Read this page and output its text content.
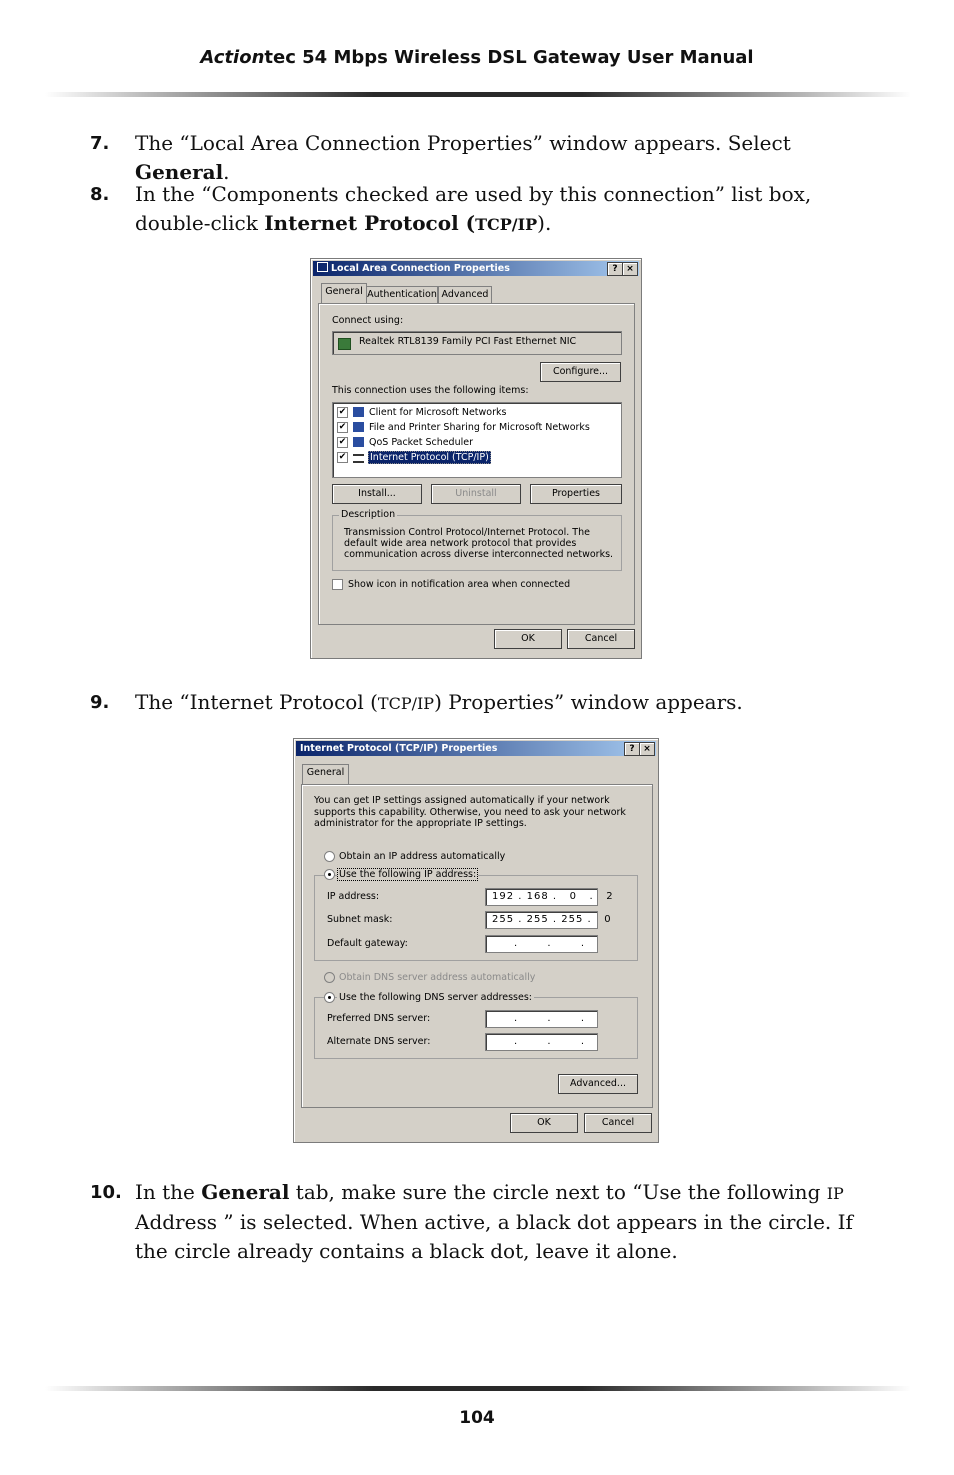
Actiontec 54 Mbps Wireless DSL Gateway User Manual
7. The “Local Area Connection Properties” window appears. Select General.
8. In the “Components checked are used by this connection” list box, double-click Internet Protocol (TCP/IP).
Local Area Connection Properties	? ×
General Authentication Advanced
Connect using:
Realtek RTL8139 Family PCI Fast Ethernet NIC
Configure...
This connection uses the following items:
✔ Client for Microsoft Networks
✔ File and Printer Sharing for Microsoft Networks
✔ QoS Packet Scheduler
✔ Internet Protocol (TCP/IP)
Install...	Uninstall	Properties
Description
Transmission Control Protocol/Internet Protocol. The default wide area network protocol that provides communication across diverse interconnected networks.
Show icon in notification area when connected
OK	Cancel
9. The “Internet Protocol (TCP/IP) Properties” window appears.
Internet Protocol (TCP/IP) Properties	? ×
General
You can get IP settings assigned automatically if your network supports this capability. Otherwise, you need to ask your network administrator for the appropriate IP settings.
Obtain an IP address automatically
Use the following IP address:
IP address:	192 . 168 .   0   .   2
Subnet mask:	255 . 255 . 255 .   0
Default gateway:	.       .       .
Obtain DNS server address automatically
Use the following DNS server addresses:
Preferred DNS server:	.       .       .
Alternate DNS server:	.       .       .
Advanced...
OK	Cancel
10. In the General tab, make sure the circle next to “Use the following IP Address ” is selected. When active, a black dot appears in the circle. If the circle already contains a black dot, leave it alone.
104
